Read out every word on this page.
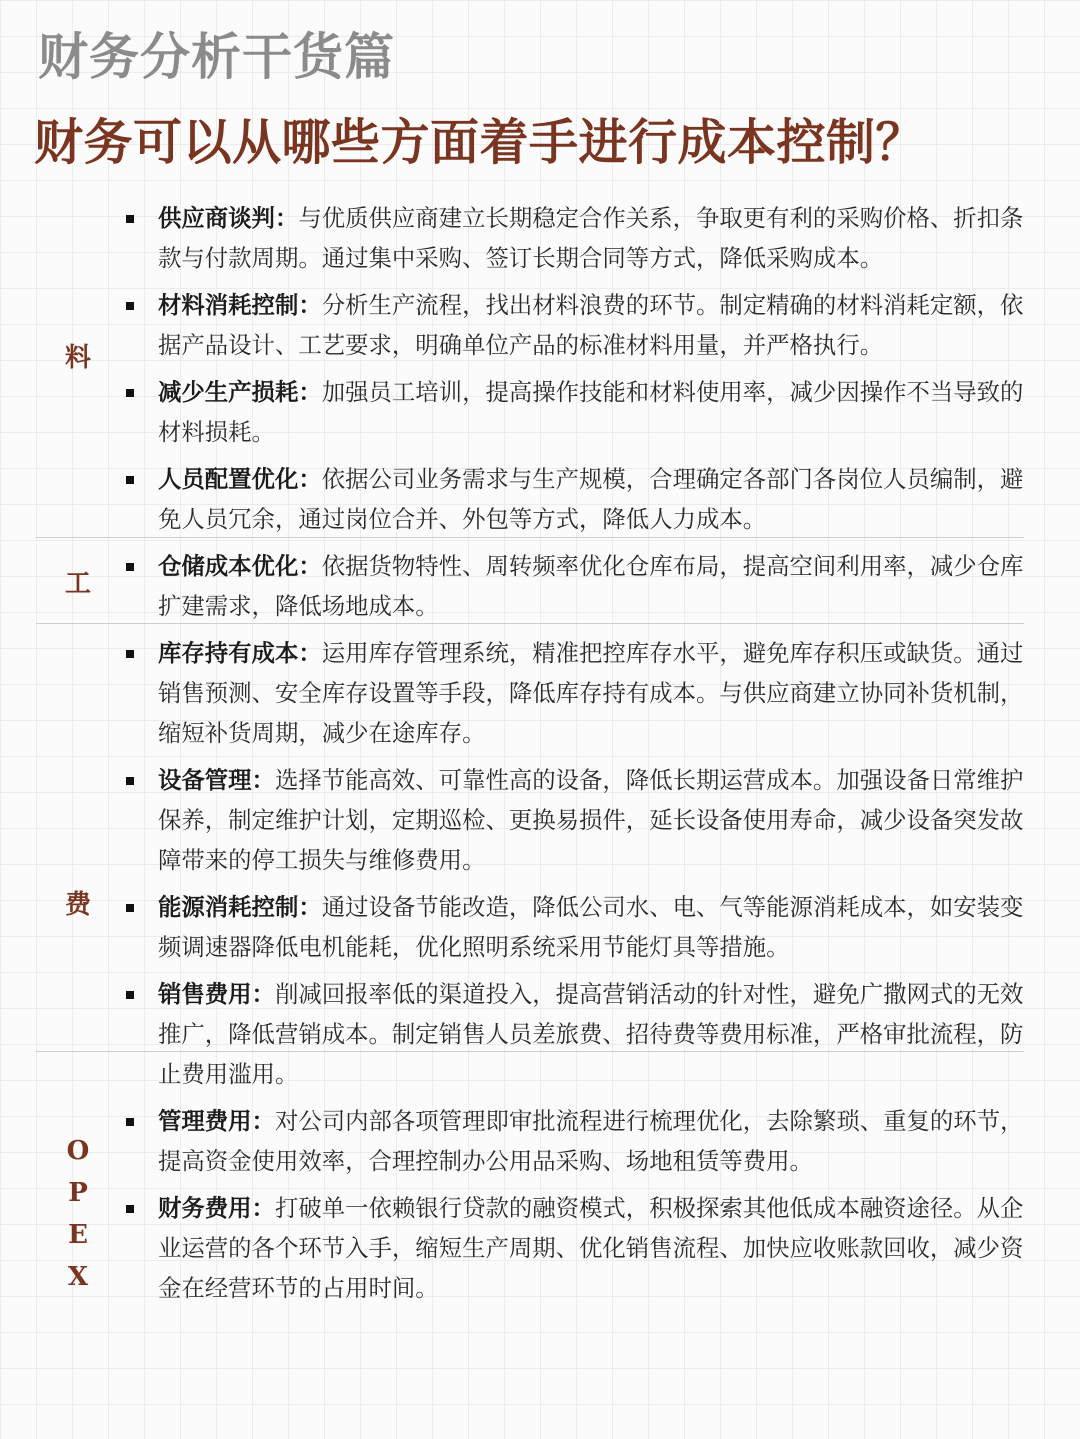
财务分析干货篇
财务可以从哪些方面着手进行成本控制？
料
工
费
O
P
E
X
供应商谈判：与优质供应商建立长期稳定合作关系，争取更有利的采购价格、折扣条款与付款周期。通过集中采购、签订长期合同等方式，降低采购成本。
材料消耗控制：分析生产流程，找出材料浪费的环节。制定精确的材料消耗定额，依据产品设计、工艺要求，明确单位产品的标准材料用量，并严格执行。
减少生产损耗：加强员工培训，提高操作技能和材料使用率，减少因操作不当导致的材料损耗。
人员配置优化：依据公司业务需求与生产规模，合理确定各部门各岗位人员编制，避免人员冗余，通过岗位合并、外包等方式，降低人力成本。
仓储成本优化：依据货物特性、周转频率优化仓库布局，提高空间利用率，减少仓库扩建需求，降低场地成本。
库存持有成本：运用库存管理系统，精准把控库存水平，避免库存积压或缺货。通过销售预测、安全库存设置等手段，降低库存持有成本。与供应商建立协同补货机制，缩短补货周期，减少在途库存。
设备管理：选择节能高效、可靠性高的设备，降低长期运营成本。加强设备日常维护保养，制定维护计划，定期巡检、更换易损件，延长设备使用寿命，减少设备突发故障带来的停工损失与维修费用。
能源消耗控制：通过设备节能改造，降低公司水、电、气等能源消耗成本，如安装变频调速器降低电机能耗，优化照明系统采用节能灯具等措施。
销售费用：削减回报率低的渠道投入，提高营销活动的针对性，避免广撒网式的无效推广，降低营销成本。制定销售人员差旅费、招待费等费用标准，严格审批流程，防止费用滥用。
管理费用：对公司内部各项管理即审批流程进行梳理优化，去除繁琐、重复的环节，提高资金使用效率，合理控制办公用品采购、场地租赁等费用。
财务费用：打破单一依赖银行贷款的融资模式，积极探索其他低成本融资途径。从企业运营的各个环节入手，缩短生产周期、优化销售流程、加快应收账款回收，减少资金在经营环节的占用时间。
